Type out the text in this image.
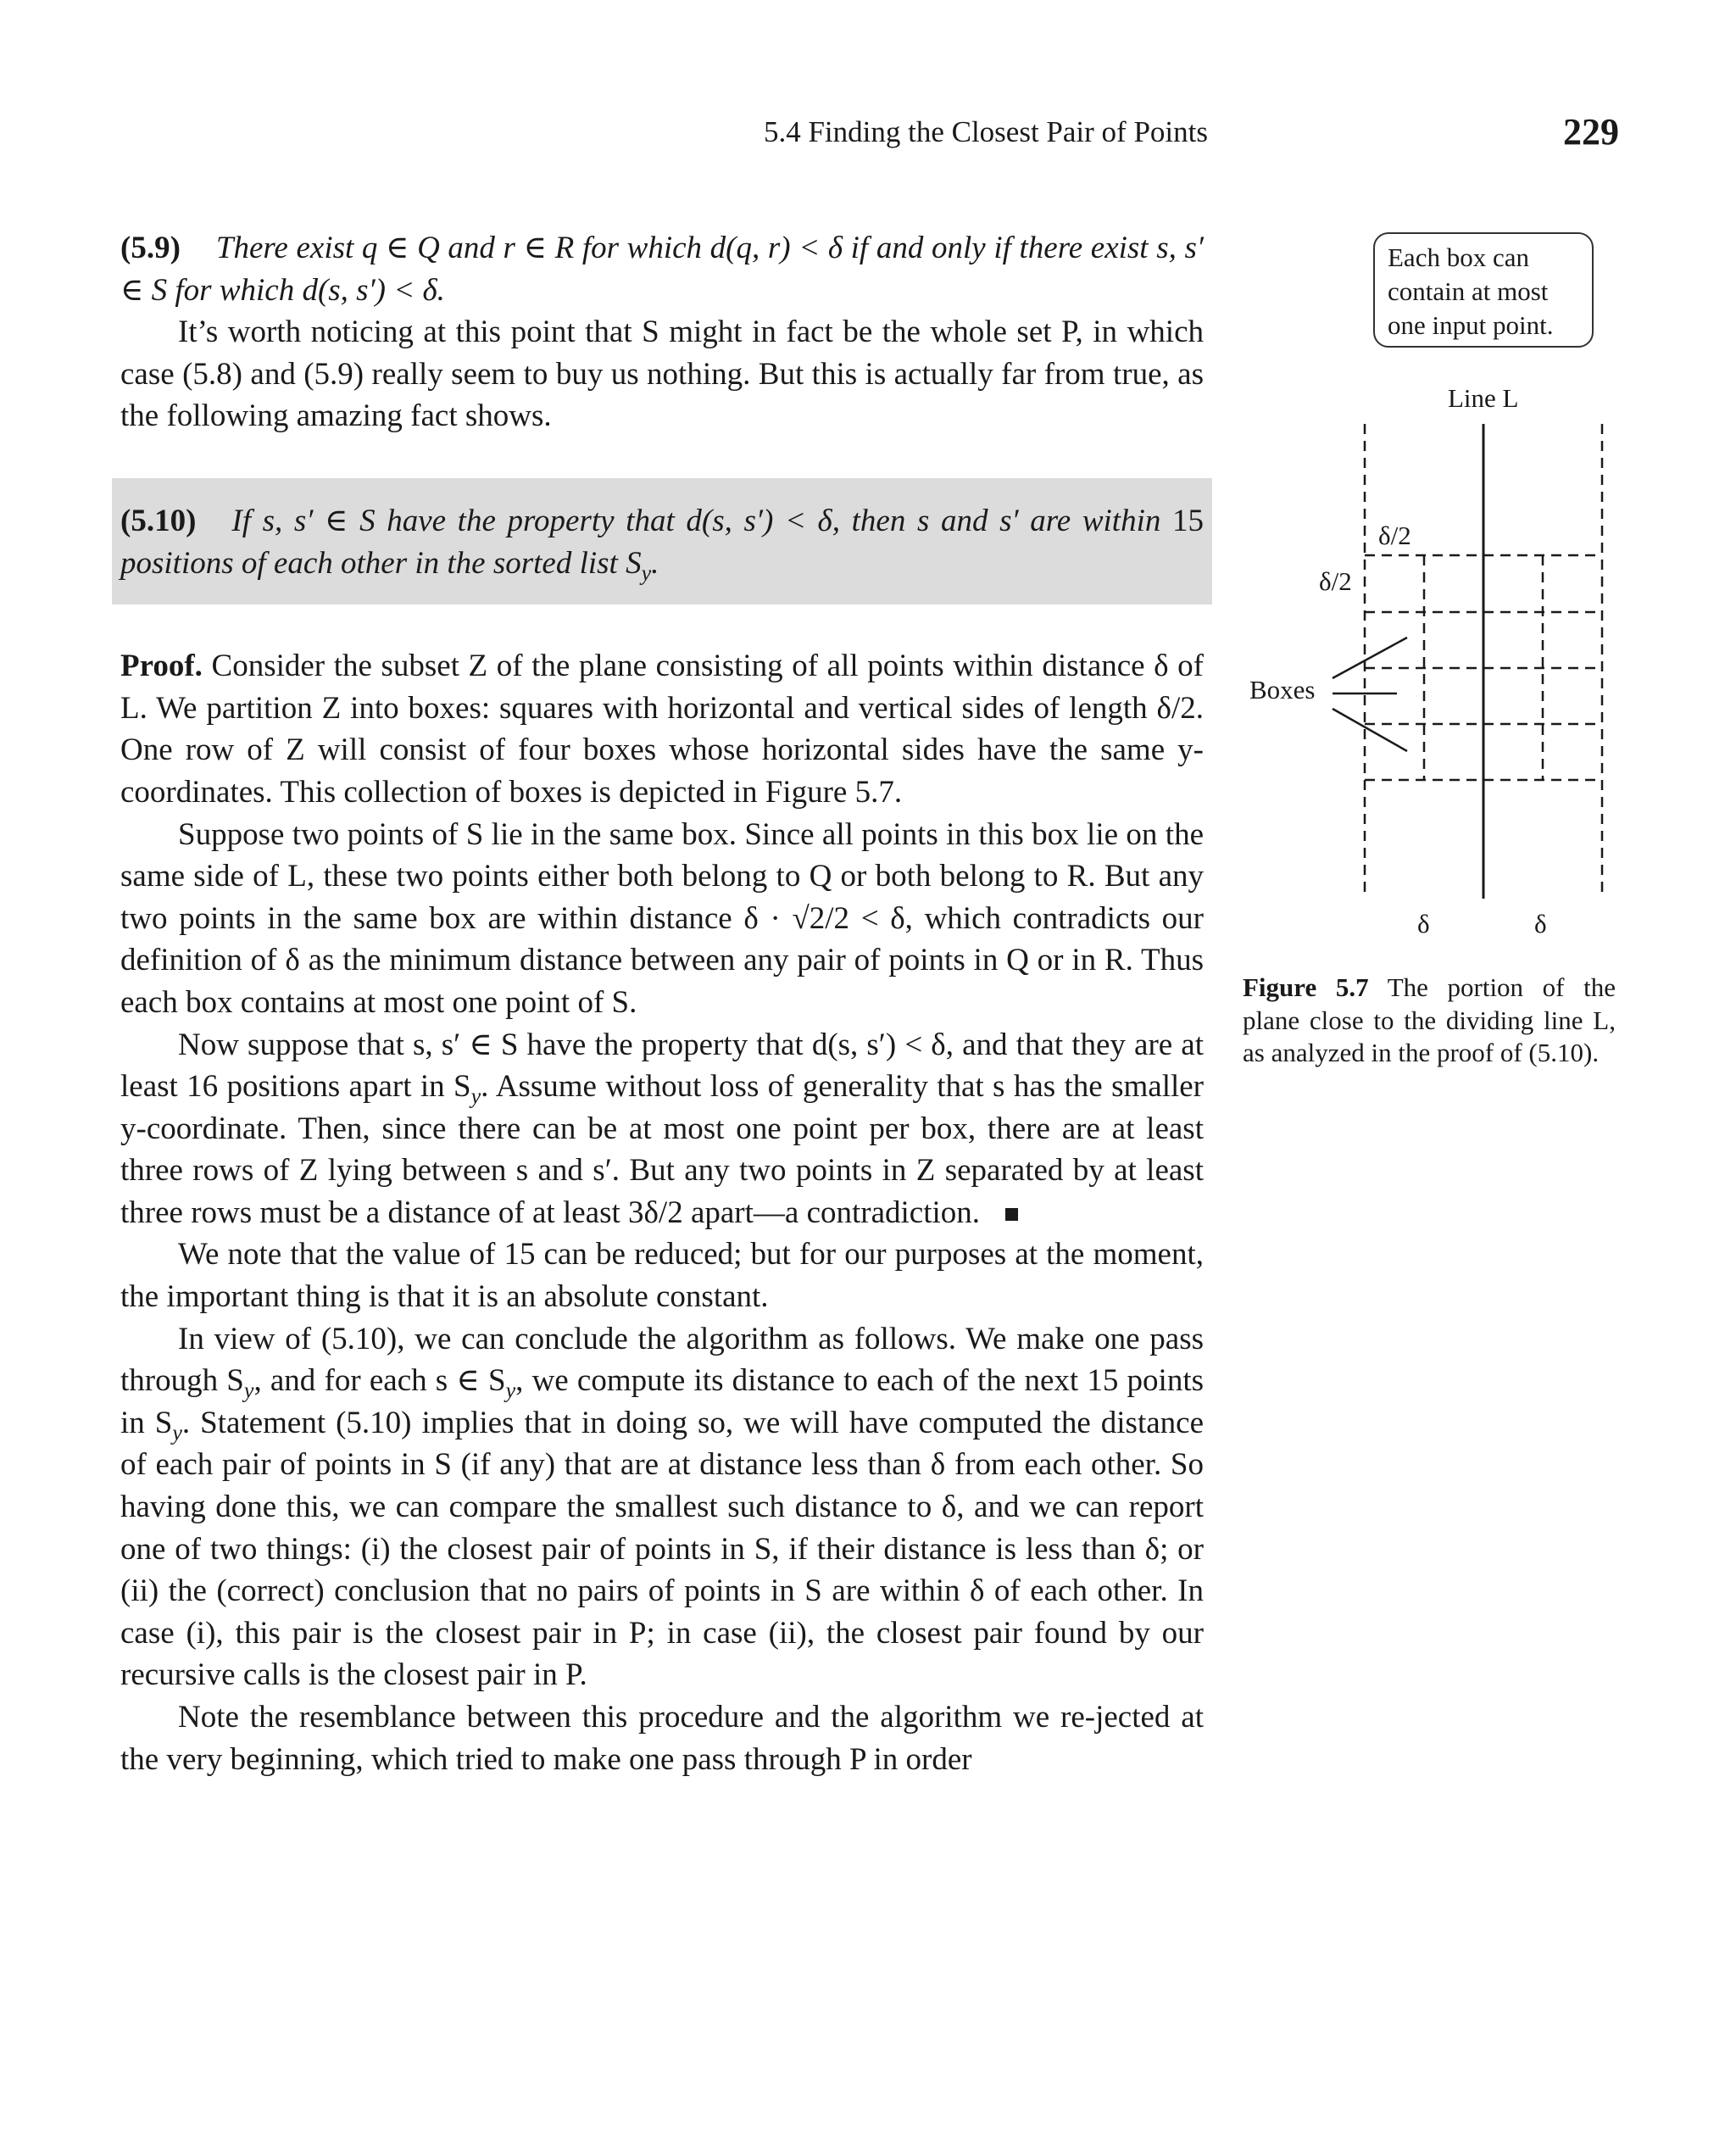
5.4 Finding the Closest Pair of Points	229

(5.9) There exist q ∈ Q and r ∈ R for which d(q, r) < δ if and only if there exist s, s′ ∈ S for which d(s, s′) < δ.

It’s worth noticing at this point that S might in fact be the whole set P, in which case (5.8) and (5.9) really seem to buy us nothing. But this is actually far from true, as the following amazing fact shows.

(5.10) If s, s′ ∈ S have the property that d(s, s′) < δ, then s and s′ are within 15 positions of each other in the sorted list $S_y$.

Proof. Consider the subset Z of the plane consisting of all points within distance δ of L. We partition Z into boxes: squares with horizontal and vertical sides of length δ/2. One row of Z will consist of four boxes whose horizontal sides have the same y-coordinates. This collection of boxes is depicted in Figure 5.7.

Suppose two points of S lie in the same box. Since all points in this box lie on the same side of L, these two points either both belong to Q or both belong to R. But any two points in the same box are within distance δ · √2/2 < δ, which contradicts our definition of δ as the minimum distance between any pair of points in Q or in R. Thus each box contains at most one point of S.

Now suppose that s, s′ ∈ S have the property that d(s, s′) < δ, and that they are at least 16 positions apart in $S_y$. Assume without loss of generality that s has the smaller y-coordinate. Then, since there can be at most one point per box, there are at least three rows of Z lying between s and s′. But any two points in Z separated by at least three rows must be a distance of at least 3δ/2 apart—a contradiction.

We note that the value of 15 can be reduced; but for our purposes at the moment, the important thing is that it is an absolute constant.

In view of (5.10), we can conclude the algorithm as follows. We make one pass through $S_y$, and for each s ∈ $S_y$, we compute its distance to each of the next 15 points in $S_y$. Statement (5.10) implies that in doing so, we will have computed the distance of each pair of points in S (if any) that are at distance less than δ from each other. So having done this, we can compare the smallest such distance to δ, and we can report one of two things: (i) the closest pair of points in S, if their distance is less than δ; or (ii) the (correct) conclusion that no pairs of points in S are within δ of each other. In case (i), this pair is the closest pair in P; in case (ii), the closest pair found by our recursive calls is the closest pair in P.

Note the resemblance between this procedure and the algorithm we re-jected at the very beginning, which tried to make one pass through P in order

Each box can
contain at most
one input point.
Line L
δ/2
δ/2
Boxes
δ	δ
Figure 5.7 The portion of the plane close to the dividing line L, as analyzed in the proof of (5.10).
